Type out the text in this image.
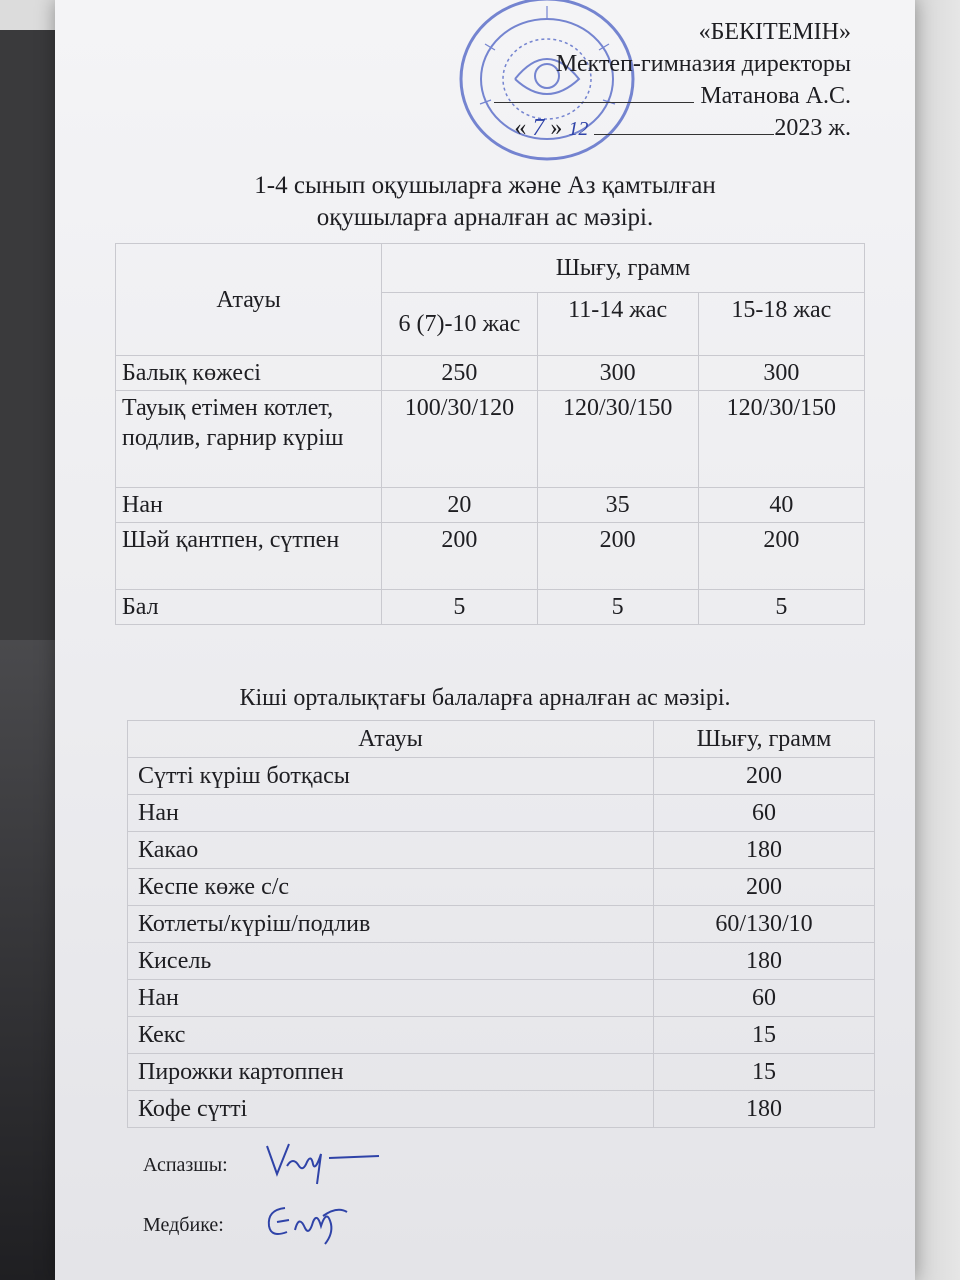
«БЕКІТЕМІН»
Мектеп-гимназия директоры
Матанова А.С.
« 7 » 12	2023 ж.
1-4 сынып оқушыларға және Аз қамтылған
оқушыларға арналған ас мәзірі.
Атауы	Шығу, грамм		
	6 (7)-10 жас	11-14 жас	15-18 жас
Балық көжесі	250	300	300
Тауық етімен котлет, подлив, гарнир күріш	100/30/120	120/30/150	120/30/150
Нан	20	35	40
Шәй қантпен, сүтпен	200	200	200
Бал	5	5	5
Кіші орталықтағы балаларға арналған ас мәзірі.
Атауы	Шығу, грамм
Сүтті күріш ботқасы	200
Нан	60
Какао	180
Кеспе көже с/с	200
Котлеты/күріш/подлив	60/130/10
Кисель	180
Нан	60
Кекс	15
Пирожки картоппен	15
Кофе сүтті	180
Аспазшы:
Медбике:
